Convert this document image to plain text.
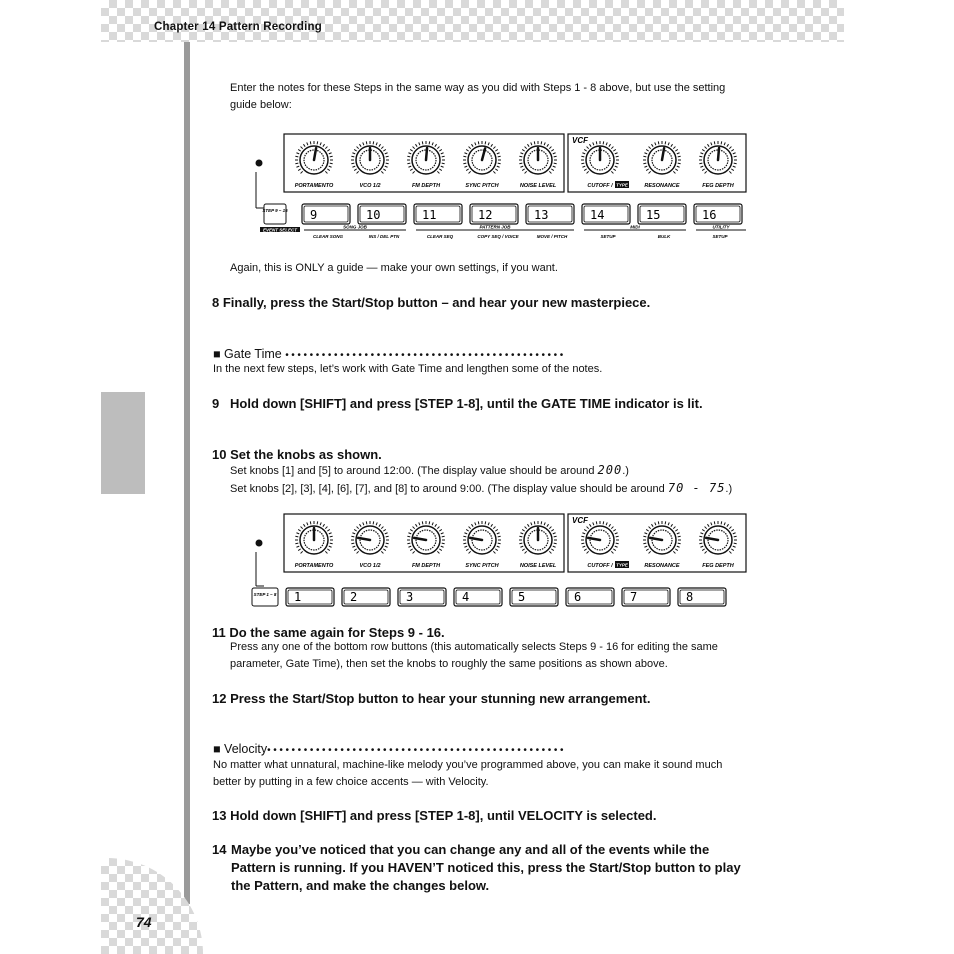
Chapter 14 Pattern Recording
74
Enter the notes for these Steps in the same way as you did with Steps 1 - 8 above, but use the setting guide below:
VCF
PORTAMENTO	VCO 1/2	FM DEPTH	SYNC PITCH	NOISE LEVEL	CUTOFF / TYPE	RESONANCE	FEG DEPTH
STEP 9 – 16
EVENT SELECT
9	10	11	12	13	14	15	16
SONG JOB	PATTERN JOB	MIDI	UTILITY
CLEAR SONG	INS / DEL PTN	CLEAR SEQ	COPY SEQ / VOICE	MOVE / PITCH	SETUP	BULK	SETUP
Again, this is ONLY a guide — make your own settings, if you want.
8 Finally, press the Start/Stop button – and hear your new masterpiece.
■ Gate Time ••••••••••••••••••••••••••••••••••••••••••••••
In the next few steps, let’s work with Gate Time and lengthen some of the notes.
9 Hold down [SHIFT] and press [STEP 1-8], until the GATE TIME indicator is lit.
10 Set the knobs as shown.
Set knobs [1] and [5] to around 12:00. (The display value should be around 200.)
Set knobs [2], [3], [4], [6], [7], and [8] to around 9:00. (The display value should be around 70 - 75.)
VCF
PORTAMENTO	VCO 1/2	FM DEPTH	SYNC PITCH	NOISE LEVEL	CUTOFF / TYPE	RESONANCE	FEG DEPTH
STEP 1 – 8 1	2	3	4	5	6	7	8
11 Do the same again for Steps 9 - 16.
Press any one of the bottom row buttons (this automatically selects Steps 9 - 16 for editing the same parameter, Gate Time), then set the knobs to roughly the same positions as shown above.
12 Press the Start/Stop button to hear your stunning new arrangement.
■ Velocity•••••••••••••••••••••••••••••••••••••••••••••••••
No matter what unnatural, machine-like melody you’ve programmed above, you can make it sound much better by putting in a few choice accents — with Velocity.
13 Hold down [SHIFT] and press [STEP 1-8], until VELOCITY is selected.
14 Maybe you’ve noticed that you can change any and all of the events while the Pattern is running. If you HAVEN’T noticed this, press the Start/Stop button to play the Pattern, and make the changes below.
